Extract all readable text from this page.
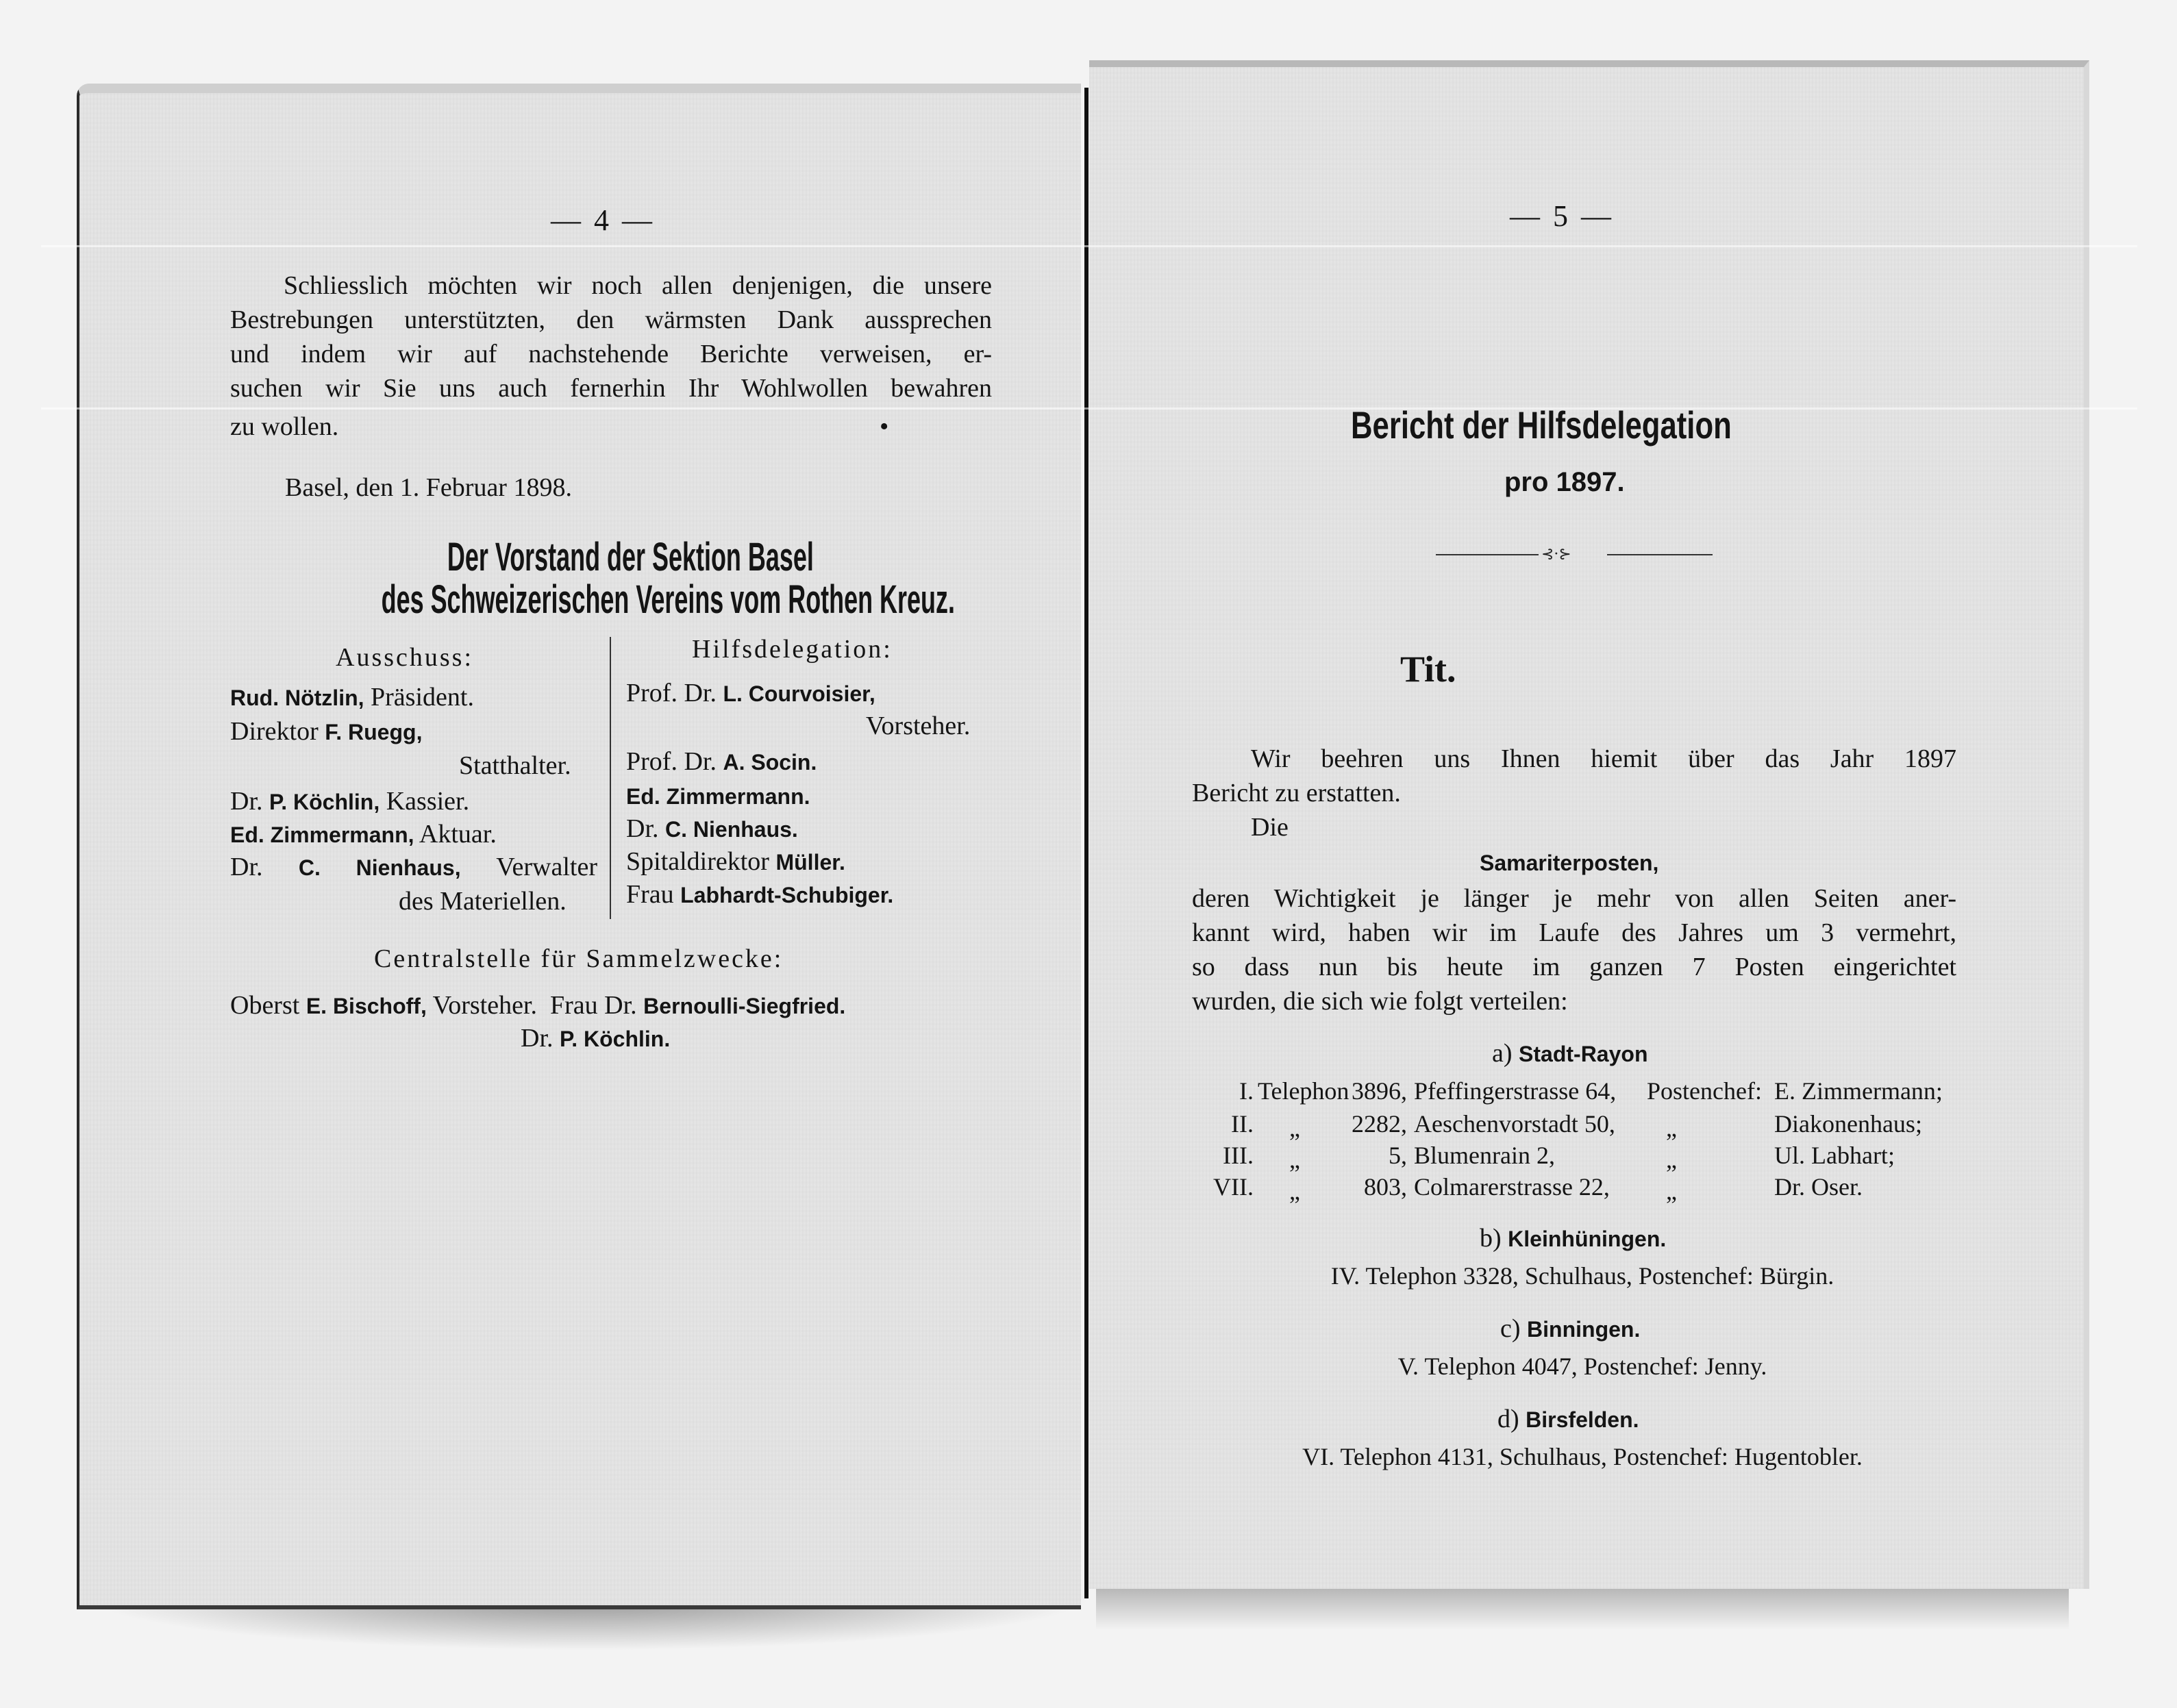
— 4 —
Schliesslich möchten wir noch allen denjenigen, die unsere
Bestrebungen unterstützten, den wärmsten Dank aussprechen
und indem wir auf nachstehende Berichte verweisen, er-
suchen wir Sie uns auch fernerhin Ihr Wohlwollen bewahren
zu wollen.	•
Basel, den 1. Februar 1898.
Der Vorstand der Sektion Basel
des Schweizerischen Vereins vom Rothen Kreuz.
Ausschuss:
Rud. Nötzlin, Präsident.
Direktor F. Ruegg,
Statthalter.
Dr. P. Köchlin, Kassier.
Ed. Zimmermann, Aktuar.
Dr. C. Nienhaus, Verwalter
des Materiellen.
Hilfsdelegation:
Prof. Dr. L. Courvoisier,
Vorsteher.
Prof. Dr. A. Socin.
Ed. Zimmermann.
Dr. C. Nienhaus.
Spitaldirektor Müller.
Frau Labhardt-Schubiger.
Centralstelle für Sammelzwecke:
Oberst E. Bischoff, Vorsteher. Frau Dr. Bernoulli-Siegfried.
Dr. P. Köchlin.
— 5 —
Bericht der Hilfsdelegation
pro 1897.
⊰·⊱
Tit.
Wir beehren uns Ihnen hiemit über das Jahr 1897
Bericht zu erstatten.
Die
Samariterposten,
deren Wichtigkeit je länger je mehr von allen Seiten aner-
kannt wird, haben wir im Laufe des Jahres um 3 vermehrt,
so dass nun bis heute im ganzen 7 Posten eingerichtet
wurden, die sich wie folgt verteilen:
a) Stadt-Rayon
I. Telephon 3896, Pfeffingerstrasse 64, Postenchef: E. Zimmermann;
II. „	2282, Aeschenvorstadt 50, „	Diakonenhaus;
III. „	5, Blumenrain 2,	„	Ul. Labhart;
VII. „	803, Colmarerstrasse 22, „	Dr. Oser.
b) Kleinhüningen.
IV. Telephon 3328, Schulhaus, Postenchef: Bürgin.
c) Binningen.
V. Telephon 4047, Postenchef: Jenny.
d) Birsfelden.
VI. Telephon 4131, Schulhaus, Postenchef: Hugentobler.
